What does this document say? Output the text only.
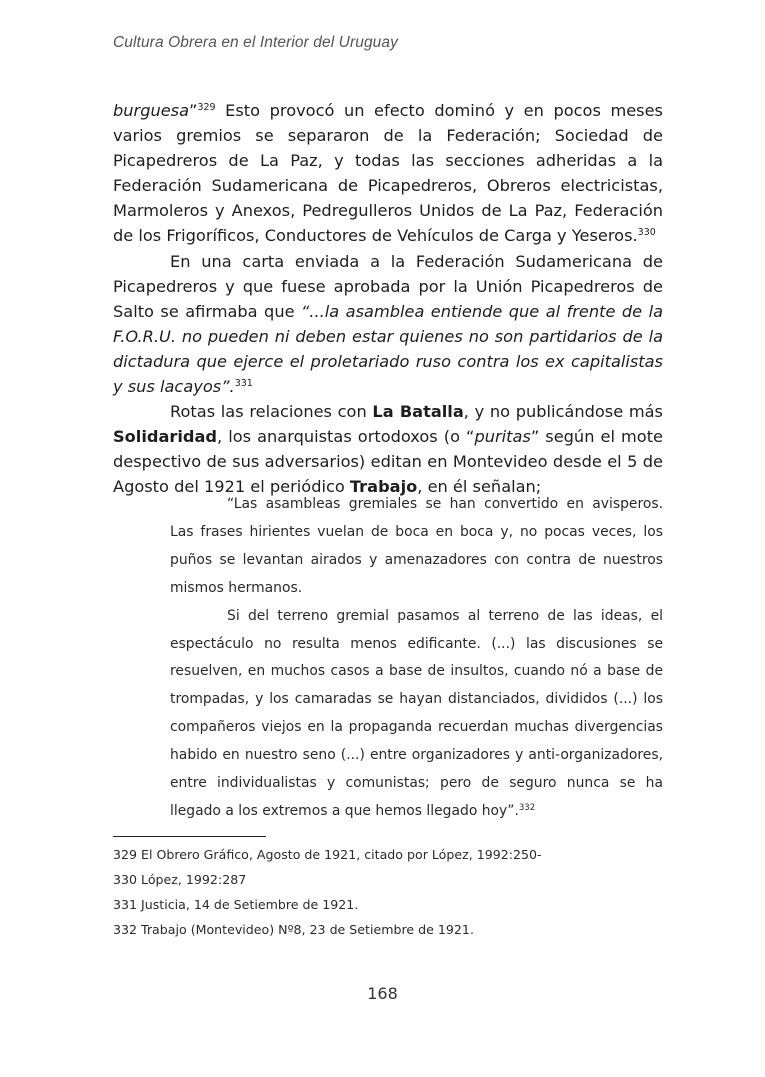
Cultura Obrera en el Interior del Uruguay

burguesa”$^{329}$ Esto provocó un efecto dominó y en pocos meses varios gremios se separaron de la Federación; Sociedad de Picapedreros de La Paz, y todas las secciones adheridas a la Federación Sudamericana de Picapedreros, Obreros electricistas, Marmoleros y Anexos, Pedregulleros Unidos de La Paz, Federación de los Frigoríficos, Conductores de Vehículos de Carga y Yeseros.$^{330}$

En una carta enviada a la Federación Sudamericana de Picapedreros y que fuese aprobada por la Unión Picapedreros de Salto se afirmaba que “...la asamblea entiende que al frente de la F.O.R.U. no pueden ni deben estar quienes no son partidarios de la dictadura que ejerce el proletariado ruso contra los ex capitalistas y sus lacayos”.$^{331}$

Rotas las relaciones con La Batalla, y no publicándose más Solidaridad, los anarquistas ortodoxos (o “puritas” según el mote despectivo de sus adversarios) editan en Montevideo desde el 5 de Agosto del 1921 el periódico Trabajo, en él señalan;

“Las asambleas gremiales se han convertido en avisperos. Las frases hirientes vuelan de boca en boca y, no pocas veces, los puños se levantan airados y amenazadores con contra de nuestros mismos hermanos.

Si del terreno gremial pasamos al terreno de las ideas, el espectáculo no resulta menos edificante. (...) las discusiones se resuelven, en muchos casos a base de insultos, cuando nó a base de trompadas, y los camaradas se hayan distanciados, divididos (...) los compañeros viejos en la propaganda recuerdan muchas divergencias habido en nuestro seno (...) entre organizadores y anti-organizadores, entre individualistas y comunistas; pero de seguro nunca se ha llegado a los extremos a que hemos llegado hoy”.$^{332}$

329 El Obrero Gráfico, Agosto de 1921, citado por López, 1992:250-
330 López, 1992:287
331 Justicia, 14 de Setiembre de 1921.
332 Trabajo (Montevideo) Nº8, 23 de Setiembre de 1921.
168
